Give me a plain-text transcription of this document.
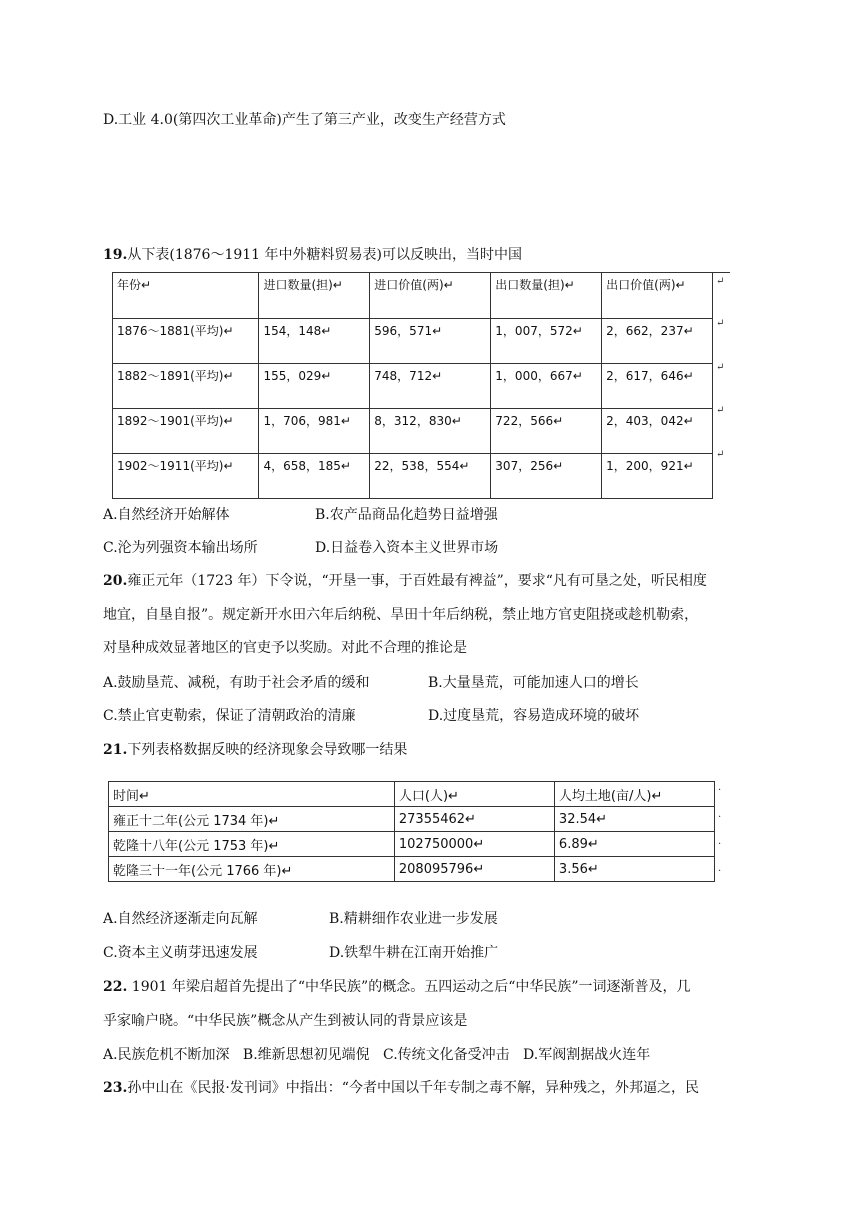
D.工业 4.0(第四次工业革命)产生了第三产业，改变生产经营方式
19.从下表(1876～1911 年中外糖料贸易表)可以反映出，当时中国
年份↵	进口数量(担)↵	进口价值(两)↵	出口数量(担)↵	出口价值(两)↵
1876～1881(平均)↵	154，148↵	596，571↵	1，007，572↵	2，662，237↵
1882～1891(平均)↵	155，029↵	748，712↵	1，000，667↵	2，617，646↵
1892～1901(平均)↵	1，706，981↵	8，312，830↵	722，566↵	2，403，042↵
1902～1911(平均)↵	4，658，185↵	22，538，554↵	307，256↵	1，200，921↵
↵
↵
↵
↵
↵
A.自然经济开始解体	B.农产品商品化趋势日益增强
C.沦为列强资本输出场所	D.日益卷入资本主义世界市场
20.雍正元年（1723 年）下令说，“开垦一事，于百姓最有裨益”，要求“凡有可垦之处，听民相度
地宜，自垦自报”。规定新开水田六年后纳税、旱田十年后纳税，禁止地方官吏阻挠或趁机勒索，
对垦种成效显著地区的官吏予以奖励。对此不合理的推论是
A.鼓励垦荒、减税，有助于社会矛盾的缓和	B.大量垦荒，可能加速人口的增长
C.禁止官吏勒索，保证了清朝政治的清廉	D.过度垦荒，容易造成环境的破坏
21.下列表格数据反映的经济现象会导致哪一结果
时间↵	人口(人)↵	人均土地(亩/人)↵
雍正十二年(公元 1734 年)↵	27355462↵	32.54↵
乾隆十八年(公元 1753 年)↵	102750000↵	6.89↵
乾隆三十一年(公元 1766 年)↵	208095796↵	3.56↵
·
·
·
·
A.自然经济逐渐走向瓦解	B.精耕细作农业进一步发展
C.资本主义萌芽迅速发展	D.铁犁牛耕在江南开始推广
22. 1901 年梁启超首先提出了“中华民族”的概念。五四运动之后“中华民族”一词逐渐普及，几
乎家喻户晓。“中华民族”概念从产生到被认同的背景应该是
A.民族危机不断加深   B.维新思想初见端倪   C.传统文化备受冲击   D.军阀割据战火连年
23.孙中山在《民报·发刊词》中指出：“今者中国以千年专制之毒不解，异种残之，外邦逼之，民
